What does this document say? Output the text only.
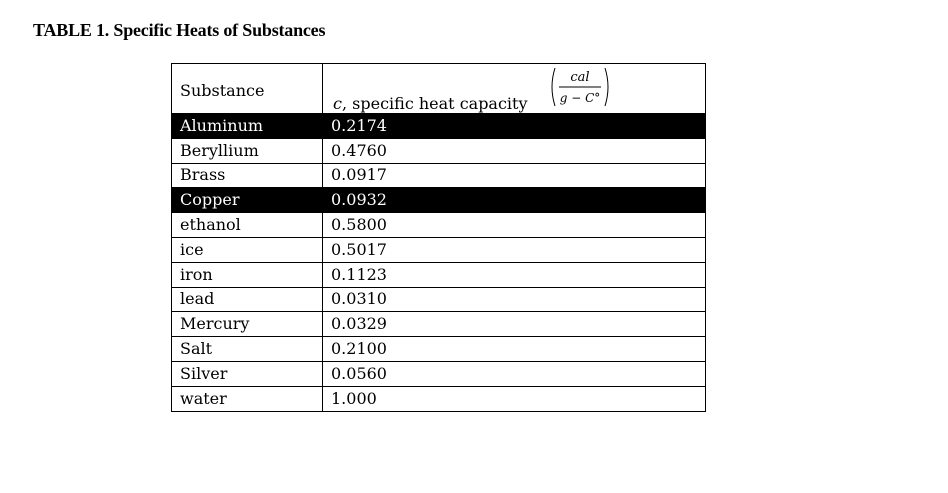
TABLE 1. Specific Heats of Substances
Substance	c, specific heat capacity
cal
g − C°

Aluminum	0.2174
Beryllium	0.4760
Brass	0.0917
Copper	0.0932
ethanol	0.5800
ice	0.5017
iron	0.1123
lead	0.0310
Mercury	0.0329
Salt	0.2100
Silver	0.0560
water	1.000
